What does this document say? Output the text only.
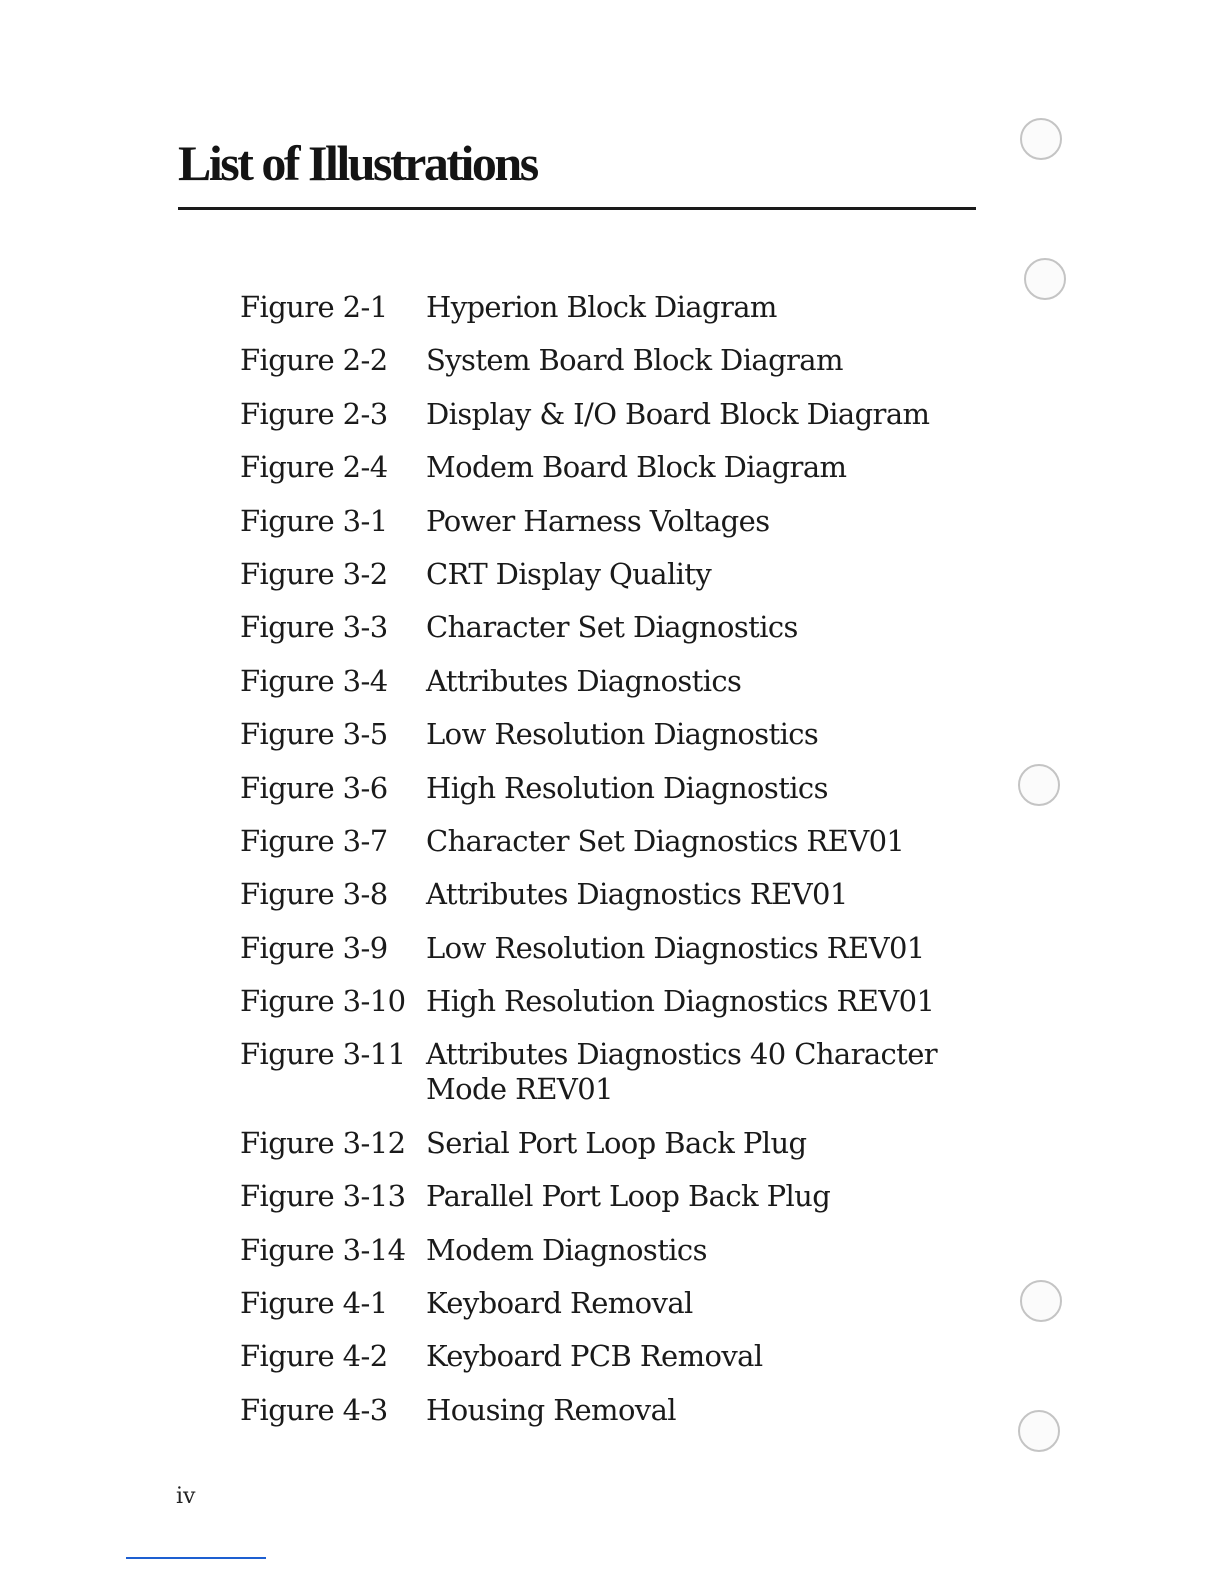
List of Illustrations
Figure 2-1	Hyperion Block Diagram
Figure 2-2	System Board Block Diagram
Figure 2-3	Display & I/O Board Block Diagram
Figure 2-4	Modem Board Block Diagram
Figure 3-1	Power Harness Voltages
Figure 3-2	CRT Display Quality
Figure 3-3	Character Set Diagnostics
Figure 3-4	Attributes Diagnostics
Figure 3-5	Low Resolution Diagnostics
Figure 3-6	High Resolution Diagnostics
Figure 3-7	Character Set Diagnostics REV01
Figure 3-8	Attributes Diagnostics REV01
Figure 3-9	Low Resolution Diagnostics REV01
Figure 3-10 High Resolution Diagnostics REV01
Figure 3-11 Attributes Diagnostics 40 Character Mode REV01
Figure 3-12 Serial Port Loop Back Plug
Figure 3-13 Parallel Port Loop Back Plug
Figure 3-14 Modem Diagnostics
Figure 4-1	Keyboard Removal
Figure 4-2	Keyboard PCB Removal
Figure 4-3	Housing Removal
iv
